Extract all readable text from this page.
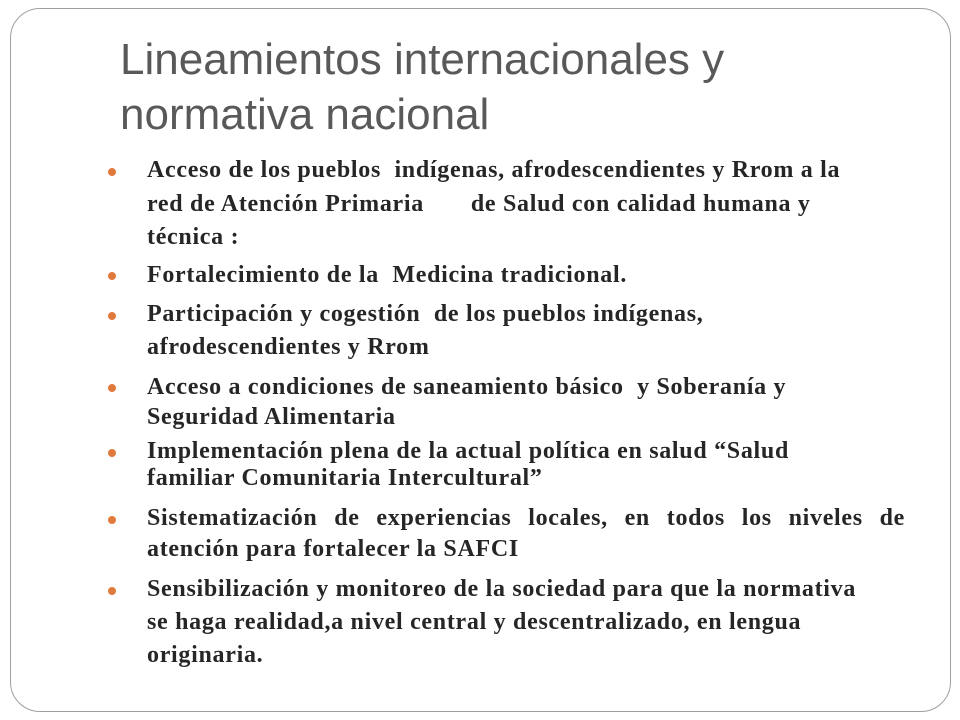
Lineamientos internacionales y normativa nacional
Acceso de los pueblos  indígenas, afrodescendientes y Rrom a la
red de Atención Primaria       de Salud con calidad humana y
técnica :
Fortalecimiento de la  Medicina tradicional.
Participación y cogestión  de los pueblos indígenas,
afrodescendientes y Rrom
Acceso a condiciones de saneamiento básico  y Soberanía y
Seguridad Alimentaria
Implementación plena de la actual política en salud “Salud
familiar Comunitaria Intercultural”
Sistematización de experiencias locales, en todos los niveles de
atención para fortalecer la SAFCI
Sensibilización y monitoreo de la sociedad para que la normativa
se haga realidad,a nivel central y descentralizado, en lengua
originaria.
